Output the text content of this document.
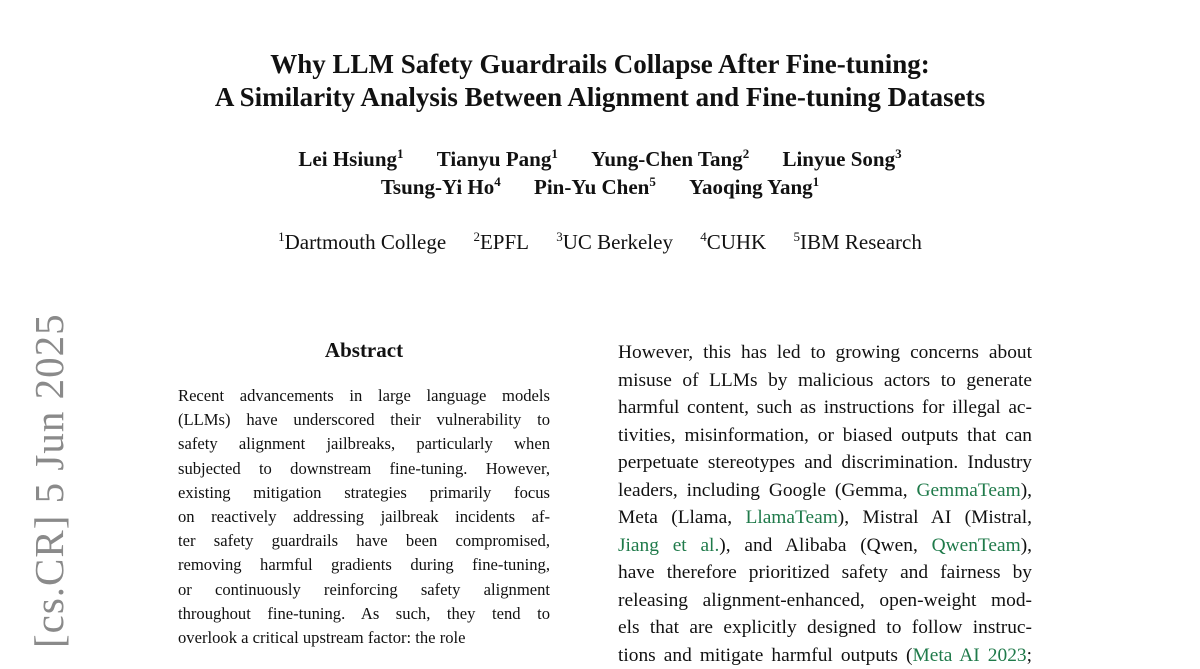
[cs.CR] 5 Jun 2025
Why LLM Safety Guardrails Collapse After Fine-tuning:
A Similarity Analysis Between Alignment and Fine-tuning Datasets
Lei Hsiung$^1$ Tianyu Pang$^1$ Yung-Chen Tang$^2$ Linyue Song$^3$
Tsung-Yi Ho$^4$ Pin-Yu Chen$^5$ Yaoqing Yang$^1$
$^1$Dartmouth College $^2$EPFL $^3$UC Berkeley $^4$CUHK $^5$IBM Research
Abstract
Recent advancements in large language models
(LLMs) have underscored their vulnerability to
safety alignment jailbreaks, particularly when
subjected to downstream fine-tuning. However,
existing mitigation strategies primarily focus
on reactively addressing jailbreak incidents af-
ter safety guardrails have been compromised,
removing harmful gradients during fine-tuning,
or continuously reinforcing safety alignment
throughout fine-tuning. As such, they tend to
overlook a critical upstream factor: the role
However, this has led to growing concerns about
misuse of LLMs by malicious actors to generate
harmful content, such as instructions for illegal ac-
tivities, misinformation, or biased outputs that can
perpetuate stereotypes and discrimination. Industry
leaders, including Google (Gemma, GemmaTeam),
Meta (Llama, LlamaTeam), Mistral AI (Mistral,
Jiang et al.), and Alibaba (Qwen, QwenTeam),
have therefore prioritized safety and fairness by
releasing alignment-enhanced, open-weight mod-
els that are explicitly designed to follow instruc-
tions and mitigate harmful outputs (Meta AI 2023;
